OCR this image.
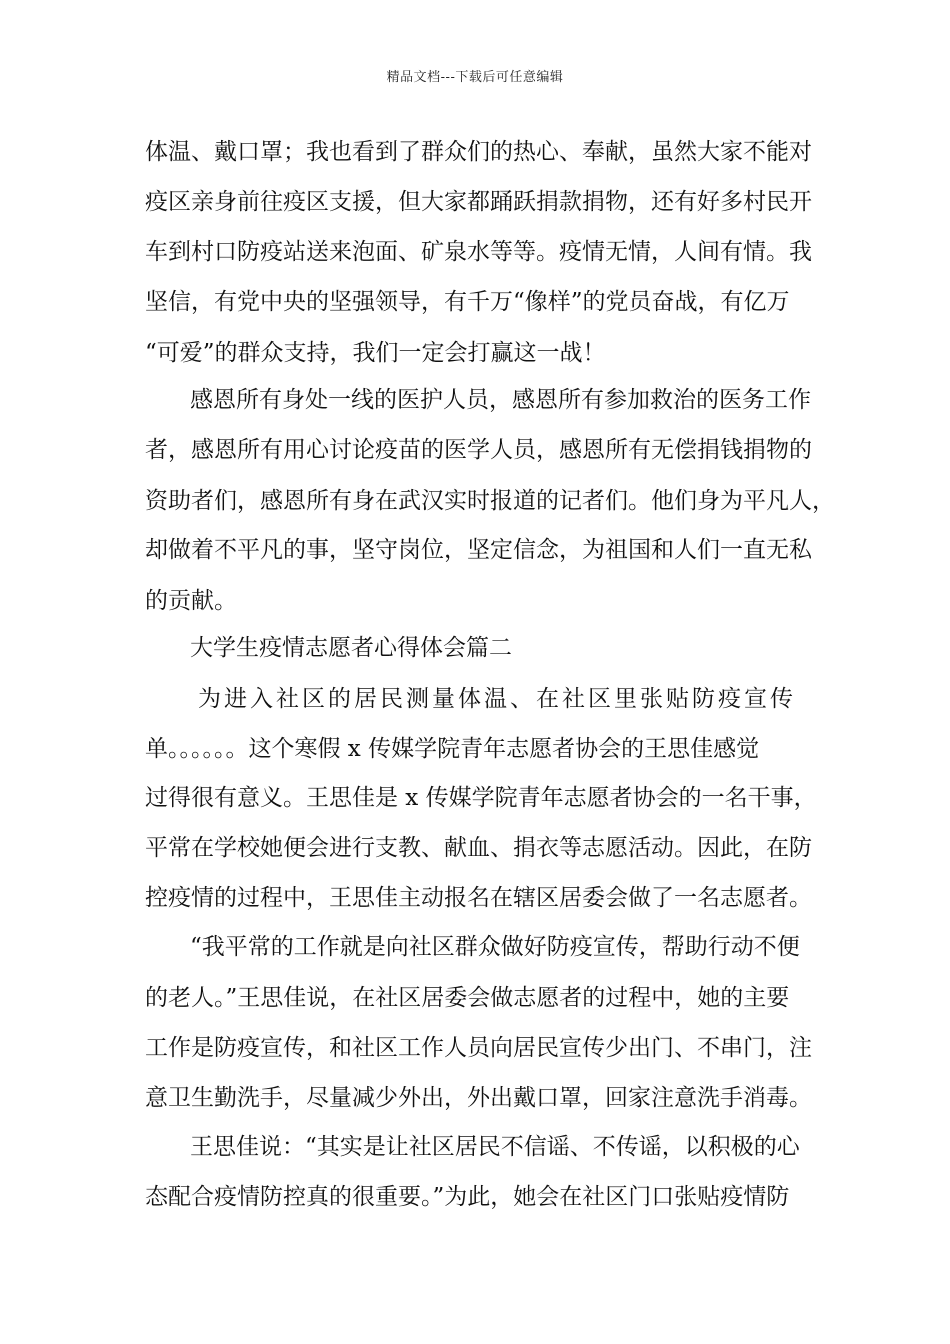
精品文档---下载后可任意编辑
体温、戴口罩；我也看到了群众们的热心、奉献，虽然大家不能对
疫区亲身前往疫区支援，但大家都踊跃捐款捐物，还有好多村民开
车到村口防疫站送来泡面、矿泉水等等。疫情无情，人间有情。我
坚信，有党中央的坚强领导，有千万“像样”的党员奋战，有亿万
“可爱”的群众支持，我们一定会打赢这一战！
感恩所有身处一线的医护人员，感恩所有参加救治的医务工作
者，感恩所有用心讨论疫苗的医学人员，感恩所有无偿捐钱捐物的
资助者们，感恩所有身在武汉实时报道的记者们。他们身为平凡人，
却做着不平凡的事，坚守岗位，坚定信念，为祖国和人们一直无私
的贡献。
大学生疫情志愿者心得体会篇二
为进入社区的居民测量体温、在社区里张贴防疫宣传
单。。。。。。这个寒假 x 传媒学院青年志愿者协会的王思佳感觉
过得很有意义。王思佳是 x 传媒学院青年志愿者协会的一名干事，
平常在学校她便会进行支教、献血、捐衣等志愿活动。因此，在防
控疫情的过程中，王思佳主动报名在辖区居委会做了一名志愿者。
“我平常的工作就是向社区群众做好防疫宣传，帮助行动不便
的老人。”王思佳说，在社区居委会做志愿者的过程中，她的主要
工作是防疫宣传，和社区工作人员向居民宣传少出门、不串门，注
意卫生勤洗手，尽量减少外出，外出戴口罩，回家注意洗手消毒。
王思佳说：“其实是让社区居民不信谣、不传谣，以积极的心
态配合疫情防控真的很重要。”为此，她会在社区门口张贴疫情防
